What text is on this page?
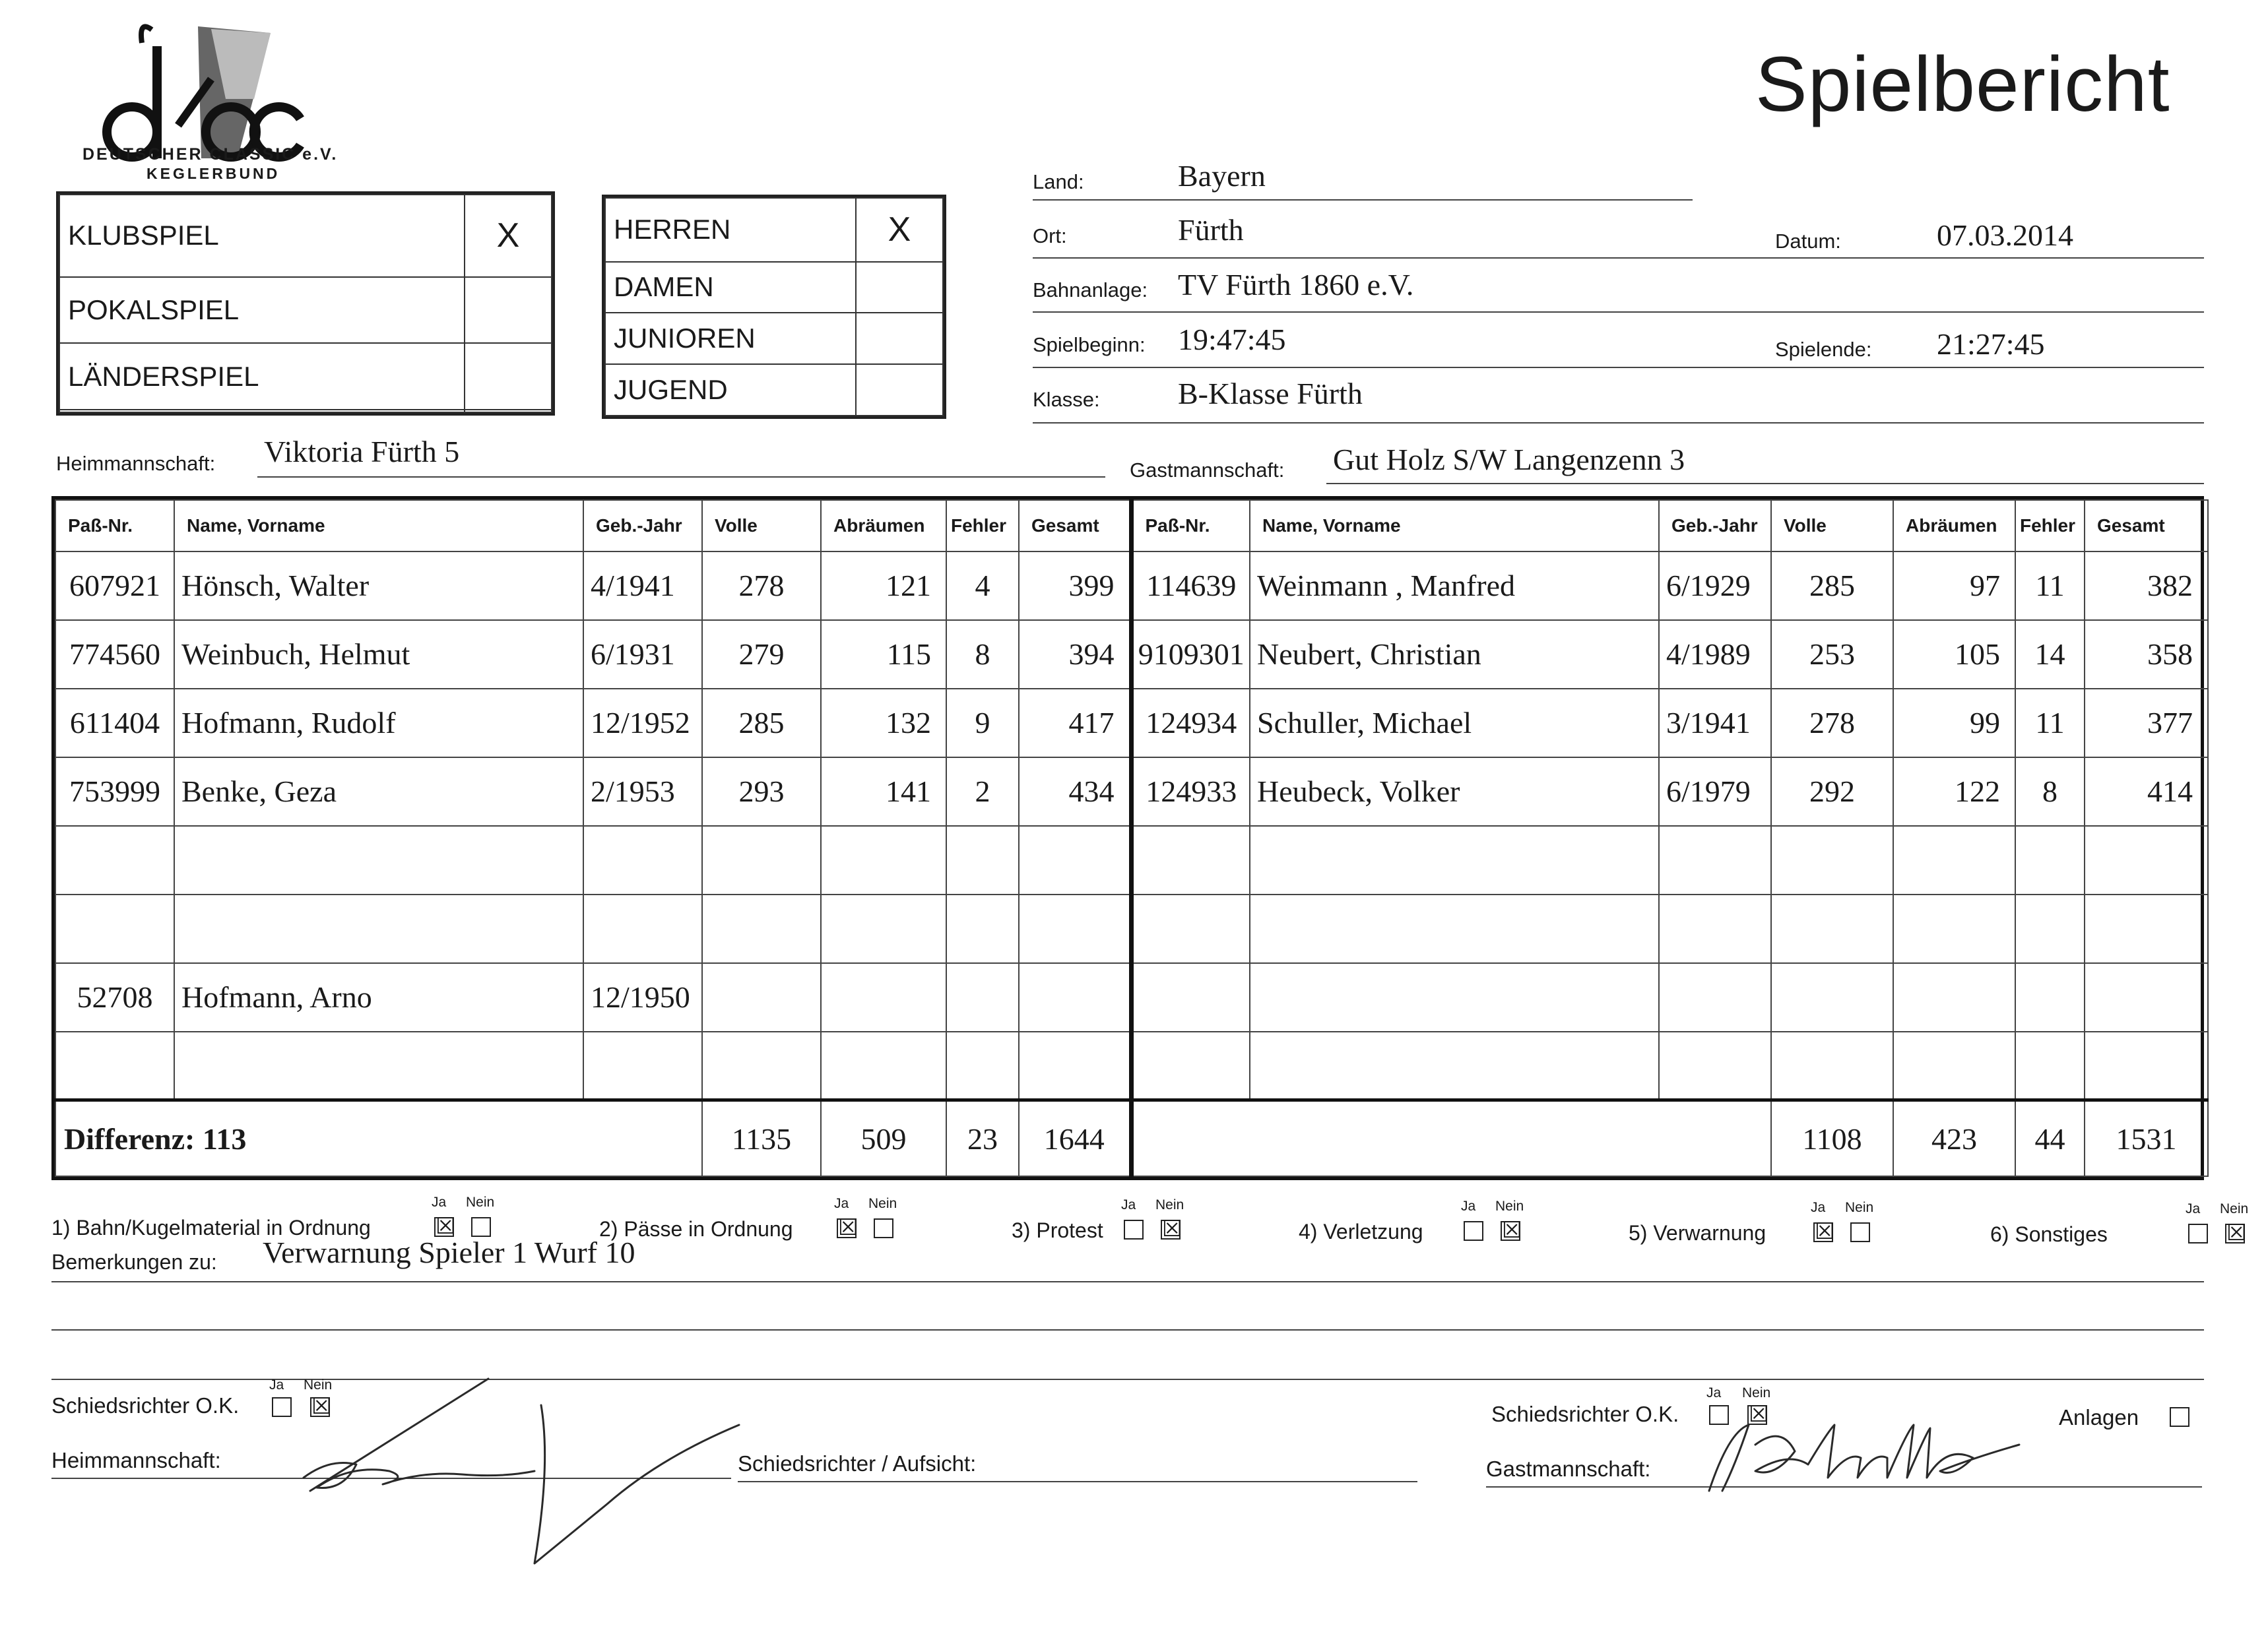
DEUTSCHER CLASSIC e.V.
KEGLERBUND
Spielbericht
KLUBSPIEL	X
POKALSPIEL	
LÄNDERSPIEL	

HERREN	X
DAMEN	
JUNIOREN	
JUGEND	
Land:	Bayern
Ort:	Fürth	Datum:	07.03.2014
Bahnanlage: TV Fürth 1860 e.V.
Spielbeginn: 19:47:45	Spielende: 21:27:45
Klasse:	B-Klasse Fürth
Heimmannschaft: Viktoria Fürth 5
Gastmannschaft: Gut Holz S/W Langenzenn 3
Paß-Nr.	Name, Vorname	Geb.-Jahr	Volle	Abräumen	Fehler	Gesamt	Paß-Nr.	Name, Vorname	Geb.-Jahr	Volle	Abräumen	Fehler	Gesamt
607921	Hönsch, Walter	4/1941	278	121	4	399	114639	Weinmann , Manfred	6/1929	285	97	11	382
774560	Weinbuch, Helmut	6/1931	279	115	8	394	9109301	Neubert, Christian	4/1989	253	105	14	358
611404	Hofmann, Rudolf	12/1952	285	132	9	417	124934	Schuller, Michael	3/1941	278	99	11	377
753999	Benke, Geza	2/1953	293	141	2	434	124933	Heubeck, Volker	6/1979	292	122	8	414

52708	Hofmann, Arno	12/1950											

Differenz: 113			1135	509	23	1644				1108	423	44	1531
1) Bahn/Kugelmaterial in Ordnung
Ja Nein
☒	2) Pässe in Ordnung
Ja Nein
☒	3) Protest
Ja Nein
☒	4) Verletzung
Ja Nein
☒	5) Verwarnung
Ja Nein
☒	6) Sonstiges
Ja Nein
☒
Bemerkungen zu: Verwarnung Spieler 1 Wurf 10
Schiedsrichter O.K.
Ja Nein
☒
Heimmannschaft:	Schiedsrichter / Aufsicht:
Schiedsrichter O.K.
Ja Nein
☒	Anlagen
Gastmannschaft:
